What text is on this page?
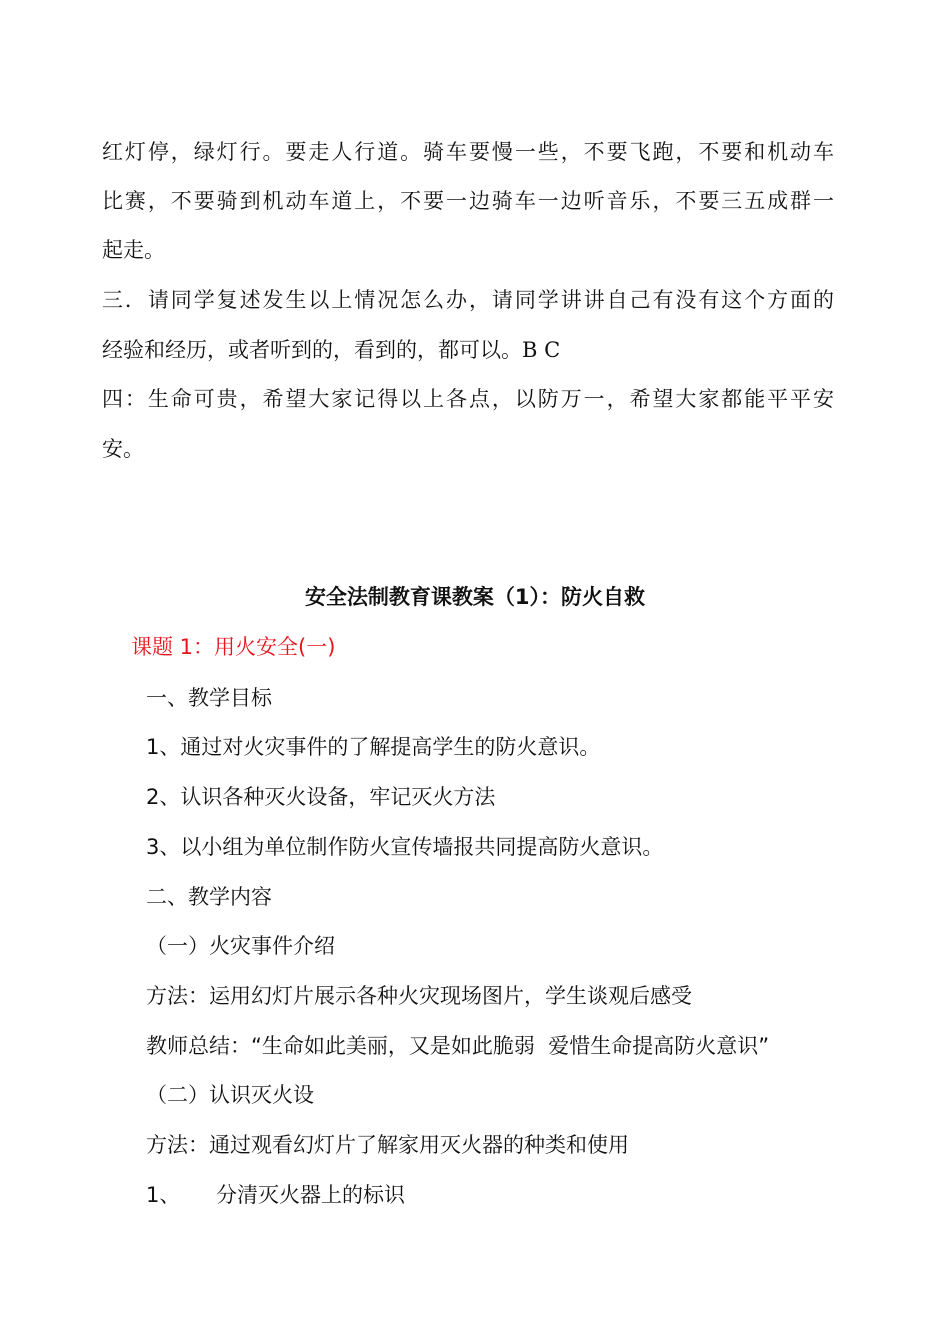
红灯停，绿灯行。要走人行道。骑车要慢一些，不要飞跑，不要和机动车
比赛，不要骑到机动车道上，不要一边骑车一边听音乐，不要三五成群一
起走。
三．请同学复述发生以上情况怎么办，请同学讲讲自己有没有这个方面的
经验和经历，或者听到的，看到的，都可以。B C
四：生命可贵，希望大家记得以上各点，以防万一，希望大家都能平平安
安。
安全法制教育课教案（1）：防火自救
课题 1：用火安全(一)
一、教学目标
1、通过对火灾事件的了解提高学生的防火意识。
2、认识各种灭火设备，牢记灭火方法
3、以小组为单位制作防火宣传墙报共同提高防火意识。
二、教学内容
（一）火灾事件介绍
方法：运用幻灯片展示各种火灾现场图片，学生谈观后感受
教师总结：“生命如此美丽，又是如此脆弱  爱惜生命提高防火意识”
（二）认识灭火设
方法：通过观看幻灯片了解家用灭火器的种类和使用
1、 分清灭火器上的标识
